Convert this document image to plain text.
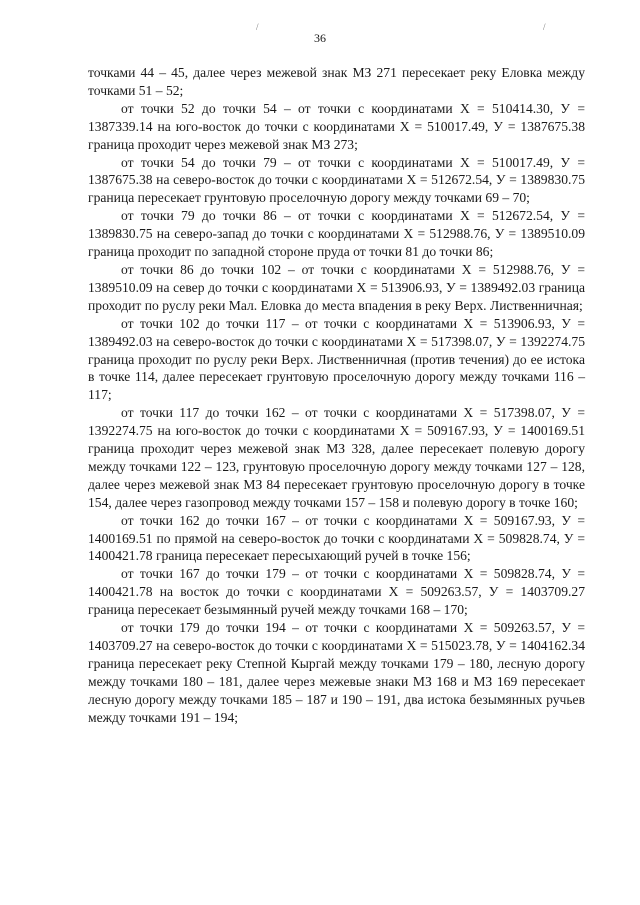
/	/
36

точками 44 – 45, далее через межевой знак МЗ 271 пересекает реку Еловка между точками 51 – 52;

от точки 52 до точки 54 – от точки с координатами Х = 510414.30, У = 1387339.14 на юго-восток до точки с координатами Х = 510017.49, У = 1387675.38 граница проходит через межевой знак МЗ 273;

от точки 54 до точки 79 – от точки с координатами Х = 510017.49, У = 1387675.38 на северо-восток до точки с координатами Х = 512672.54, У = 1389830.75 граница пересекает грунтовую проселочную дорогу между точками 69 – 70;

от точки 79 до точки 86 – от точки с координатами Х = 512672.54, У = 1389830.75 на северо-запад до точки с координатами Х = 512988.76, У = 1389510.09 граница проходит по западной стороне пруда от точки 81 до точки 86;

от точки 86 до точки 102 – от точки с координатами Х = 512988.76, У = 1389510.09 на север до точки с координатами Х = 513906.93, У = 1389492.03 граница проходит по руслу реки Мал. Еловка до места впадения в реку Верх. Лиственничная;

от точки 102 до точки 117 – от точки с координатами Х = 513906.93, У = 1389492.03 на северо-восток до точки с координатами Х = 517398.07, У = 1392274.75 граница проходит по руслу реки Верх. Лиственничная (против течения) до ее истока в точке 114, далее пересекает грунтовую проселочную дорогу между точками 116 – 117;

от точки 117 до точки 162 – от точки с координатами Х = 517398.07, У = 1392274.75 на юго-восток до точки с координатами Х = 509167.93, У = 1400169.51 граница проходит через межевой знак МЗ 328, далее пересекает полевую дорогу между точками 122 – 123, грунтовую проселочную дорогу между точками 127 – 128, далее через межевой знак МЗ 84 пересекает грунтовую проселочную дорогу в точке 154, далее через газопровод между точками 157 – 158 и полевую дорогу в точке 160;

от точки 162 до точки 167 – от точки с координатами Х = 509167.93, У = 1400169.51 по прямой на северо-восток до точки с координатами Х = 509828.74, У = 1400421.78 граница пересекает пересыхающий ручей в точке 156;

от точки 167 до точки 179 – от точки с координатами Х = 509828.74, У = 1400421.78 на восток до точки с координатами Х = 509263.57, У = 1403709.27 граница пересекает безымянный ручей между точками 168 – 170;

от точки 179 до точки 194 – от точки с координатами Х = 509263.57, У = 1403709.27 на северо-восток до точки с координатами Х = 515023.78, У = 1404162.34 граница пересекает реку Степной Кыргай между точками 179 – 180, лесную дорогу между точками 180 – 181, далее через межевые знаки МЗ 168 и МЗ 169 пересекает лесную дорогу между точками 185 – 187 и 190 – 191, два истока безымянных ручьев между точками 191 – 194;
